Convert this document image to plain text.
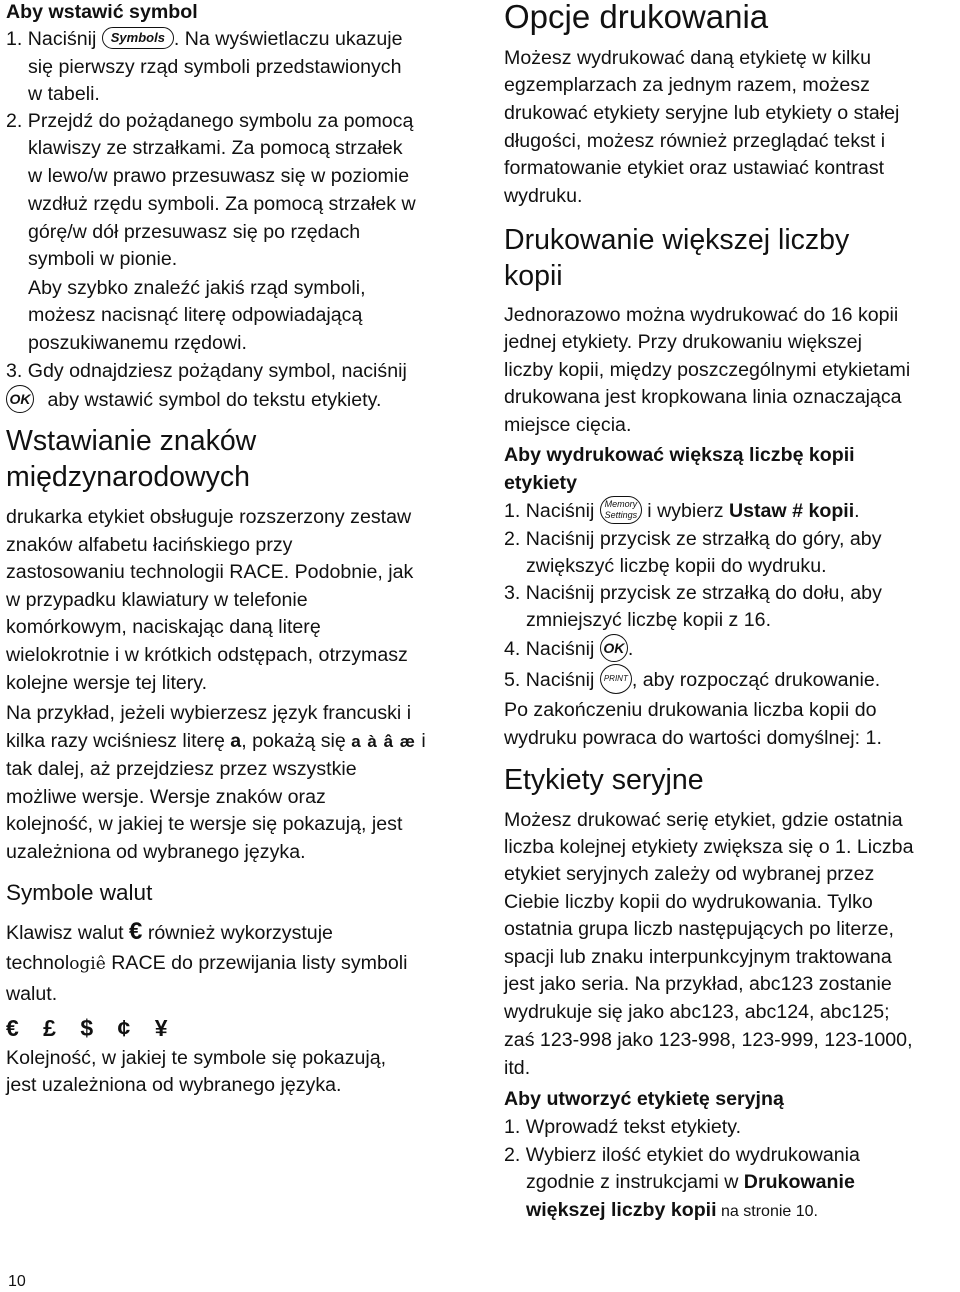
Aby wstawić symbol
1. Naciśnij Symbols . Na wyświetlaczu ukazuje
się pierwszy rząd symboli przedstawionych
w tabeli.
2. Przejdź do pożądanego symbolu za pomocą
klawiszy ze strzałkami. Za pomocą strzałek
w lewo/w prawo przesuwasz się w poziomie
wzdłuż rzędu symboli. Za pomocą strzałek w
górę/w dół przesuwasz się po rzędach
symboli w pionie.
Aby szybko znaleźć jakiś rząd symboli,
możesz nacisnąć literę odpowiadającą
poszukiwanemu rzędowi.
3. Gdy odnajdziesz pożądany symbol, naciśnij
OK aby wstawić symbol do tekstu etykiety.
Wstawianie znaków
międzynarodowych
drukarka etykiet obsługuje rozszerzony zestaw
znaków alfabetu łacińskiego przy
zastosowaniu technologii RACE. Podobnie, jak
w przypadku klawiatury w telefonie
komórkowym, naciskając daną literę
wielokrotnie i w krótkich odstępach, otrzymasz
kolejne wersje tej litery.
Na przykład, jeżeli wybierzesz język francuski i
kilka razy wciśniesz literę a, pokażą się a à â æ i
tak dalej, aż przejdziesz przez wszystkie
możliwe wersje. Wersje znaków oraz
kolejność, w jakiej te wersje się pokazują, jest
uzależniona od wybranego języka.
Symbole walut
Klawisz walut € również wykorzystuje
technologiê RACE do przewijania listy symboli
walut.
€ £ $ ¢ ¥
Kolejność, w jakiej te symbole się pokazują,
jest uzależniona od wybranego języka.
Opcje drukowania
Możesz wydrukować daną etykietę w kilku
egzemplarzach za jednym razem, możesz
drukować etykiety seryjne lub etykiety o stałej
długości, możesz również przeglądać tekst i
formatowanie etykiet oraz ustawiać kontrast
wydruku.
Drukowanie większej liczby
kopii
Jednorazowo można wydrukować do 16 kopii
jednej etykiety. Przy drukowaniu większej
liczby kopii, między poszczególnymi etykietami
drukowana jest kropkowana linia oznaczająca
miejsce cięcia.
Aby wydrukować większą liczbę kopii
etykiety
1. Naciśnij Memory
Settings i wybierz Ustaw # kopii.
2. Naciśnij przycisk ze strzałką do góry, aby
zwiększyć liczbę kopii do wydruku.
3. Naciśnij przycisk ze strzałką do dołu, aby
zmniejszyć liczbę kopii z 16.
4. Naciśnij OK .
5. Naciśnij PRINT , aby rozpocząć drukowanie.
Po zakończeniu drukowania liczba kopii do
wydruku powraca do wartości domyślnej: 1.
Etykiety seryjne
Możesz drukować serię etykiet, gdzie ostatnia
liczba kolejnej etykiety zwiększa się o 1. Liczba
etykiet seryjnych zależy od wybranej przez
Ciebie liczby kopii do wydrukowania. Tylko
ostatnia grupa liczb następujących po literze,
spacji lub znaku interpunkcyjnym traktowana
jest jako seria. Na przykład, abc123 zostanie
wydrukuje się jako abc123, abc124, abc125;
zaś 123-998 jako 123-998, 123-999, 123-1000,
itd.
Aby utworzyć etykietę seryjną
1. Wprowadź tekst etykiety.
2. Wybierz ilość etykiet do wydrukowania
zgodnie z instrukcjami w Drukowanie
większej liczby kopii na stronie 10.
10
